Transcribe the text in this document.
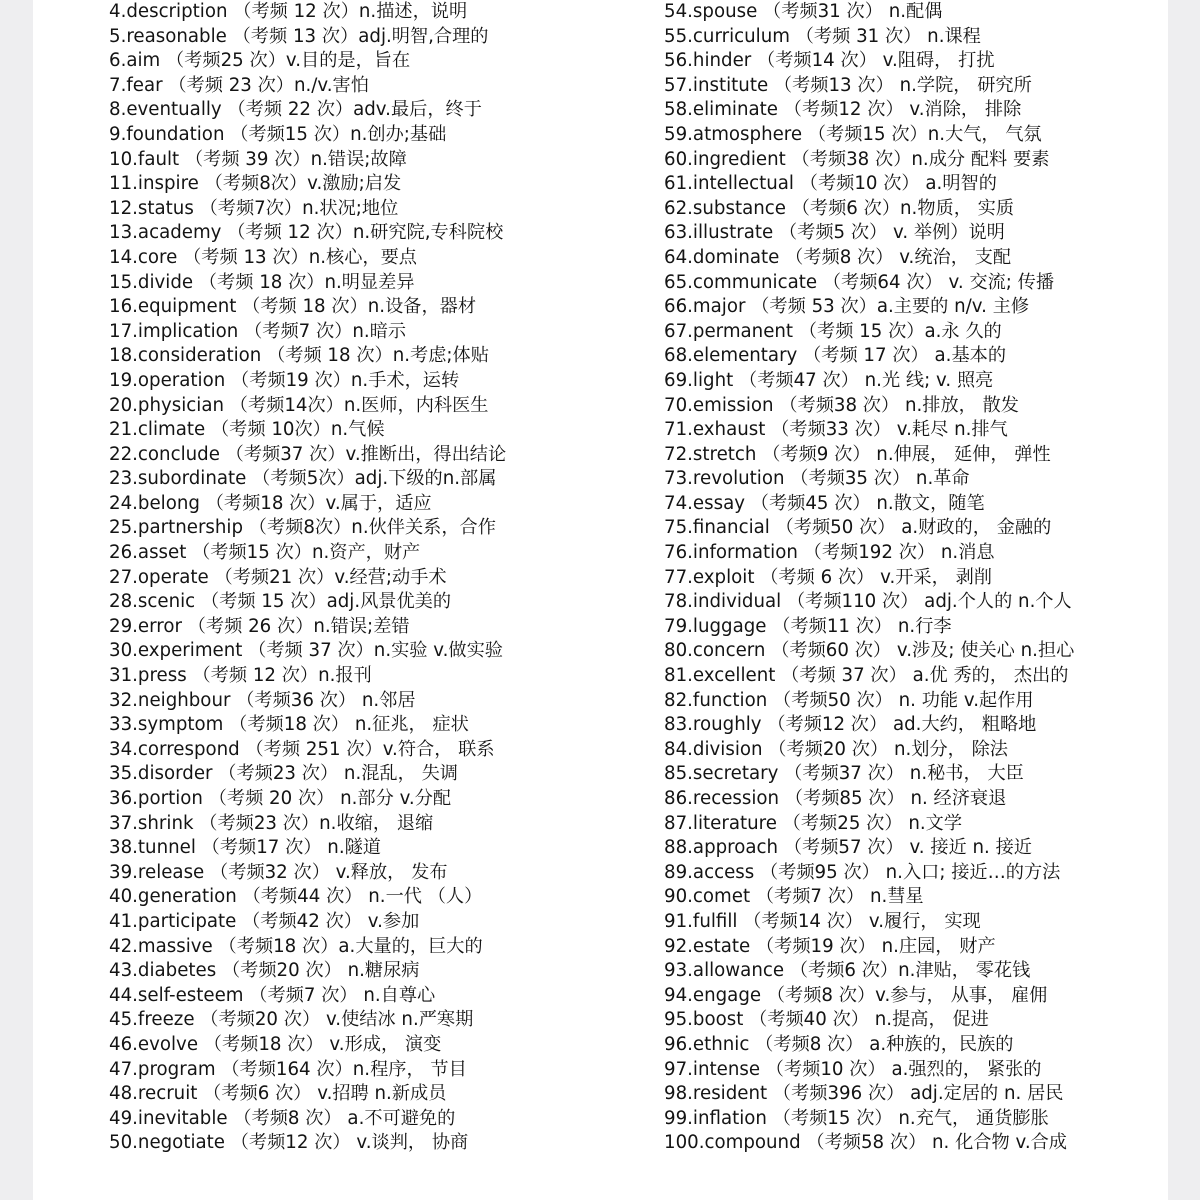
4.description （考频 12 次）n.描述，说明
5.reasonable （考频 13 次）adj.明智,合理的
6.aim （考频25 次）v.目的是，旨在
7.fear （考频 23 次）n./v.害怕
8.eventually （考频 22 次）adv.最后，终于
9.foundation （考频15 次）n.创办;基础
10.fault （考频 39 次）n.错误;故障
11.inspire （考频8次）v.激励;启发
12.status （考频7次）n.状况;地位
13.academy （考频 12 次）n.研究院,专科院校
14.core （考频 13 次）n.核心，要点
15.divide （考频 18 次）n.明显差异
16.equipment （考频 18 次）n.设备，器材
17.implication （考频7 次）n.暗示
18.consideration （考频 18 次）n.考虑;体贴
19.operation （考频19 次）n.手术，运转
20.physician （考频14次）n.医师，内科医生
21.climate （考频 10次）n.气候
22.conclude （考频37 次）v.推断出，得出结论
23.subordinate （考频5次）adj.下级的n.部属
24.belong （考频18 次）v.属于，适应
25.partnership （考频8次）n.伙伴关系，合作
26.asset （考频15 次）n.资产，财产
27.operate （考频21 次）v.经营;动手术
28.scenic （考频 15 次）adj.风景优美的
29.error （考频 26 次）n.错误;差错
30.experiment （考频 37 次）n.实验 v.做实验
31.press （考频 12 次）n.报刊
32.neighbour （考频36 次） n.邻居
33.symptom （考频18 次） n.征兆， 症状
34.correspond （考频 251 次）v.符合， 联系
35.disorder （考频23 次） n.混乱， 失调
36.portion （考频 20 次） n.部分 v.分配
37.shrink （考频23 次）n.收缩， 退缩
38.tunnel （考频17 次） n.隧道
39.release （考频32 次） v.释放， 发布
40.generation （考频44 次） n.一代 （人）
41.participate （考频42 次） v.参加
42.massive （考频18 次）a.大量的，巨大的
43.diabetes （考频20 次） n.糖尿病
44.self-esteem （考频7 次） n.自尊心
45.freeze （考频20 次） v.使结冰 n.严寒期
46.evolve （考频18 次） v.形成， 演变
47.program （考频164 次）n.程序， 节目
48.recruit （考频6 次） v.招聘 n.新成员
49.inevitable （考频8 次） a.不可避免的
50.negotiate （考频12 次） v.谈判， 协商
54.spouse （考频31 次） n.配偶
55.curriculum （考频 31 次） n.课程
56.hinder （考频14 次） v.阻碍， 打扰
57.institute （考频13 次） n.学院， 研究所
58.eliminate （考频12 次） v.消除， 排除
59.atmosphere （考频15 次）n.大气， 气氛
60.ingredient （考频38 次）n.成分 配料 要素
61.intellectual （考频10 次） a.明智的
62.substance （考频6 次）n.物质， 实质
63.illustrate （考频5 次） v. 举例）说明
64.dominate （考频8 次） v.统治， 支配
65.communicate （考频64 次） v. 交流; 传播
66.major （考频 53 次）a.主要的 n/v. 主修
67.permanent （考频 15 次）a.永 久的
68.elementary （考频 17 次） a.基本的
69.light （考频47 次） n.光 线; v. 照亮
70.emission （考频38 次） n.排放， 散发
71.exhaust （考频33 次） v.耗尽 n.排气
72.stretch （考频9 次） n.伸展， 延伸， 弹性
73.revolution （考频35 次） n.革命
74.essay （考频45 次） n.散文，随笔
75.financial （考频50 次） a.财政的， 金融的
76.information （考频192 次） n.消息
77.exploit （考频 6 次） v.开采， 剥削
78.individual （考频110 次） adj.个人的 n.个人
79.luggage （考频11 次） n.行李
80.concern （考频60 次） v.涉及; 使关心 n.担心
81.excellent （考频 37 次） a.优 秀的， 杰出的
82.function （考频50 次） n. 功能 v.起作用
83.roughly （考频12 次） ad.大约， 粗略地
84.division （考频20 次） n.划分， 除法
85.secretary （考频37 次） n.秘书， 大臣
86.recession （考频85 次） n. 经济衰退
87.literature （考频25 次） n.文学
88.approach （考频57 次） v. 接近 n. 接近
89.access （考频95 次） n.入口; 接近…的方法
90.comet （考频7 次） n.彗星
91.fulfill （考频14 次） v.履行， 实现
92.estate （考频19 次） n.庄园， 财产
93.allowance （考频6 次）n.津贴， 零花钱
94.engage （考频8 次）v.参与， 从事， 雇佣
95.boost （考频40 次） n.提高， 促进
96.ethnic （考频8 次） a.种族的，民族的
97.intense （考频10 次） a.强烈的， 紧张的
98.resident （考频396 次） adj.定居的 n. 居民
99.inflation （考频15 次） n.充气， 通货膨胀
100.compound （考频58 次） n. 化合物 v.合成
